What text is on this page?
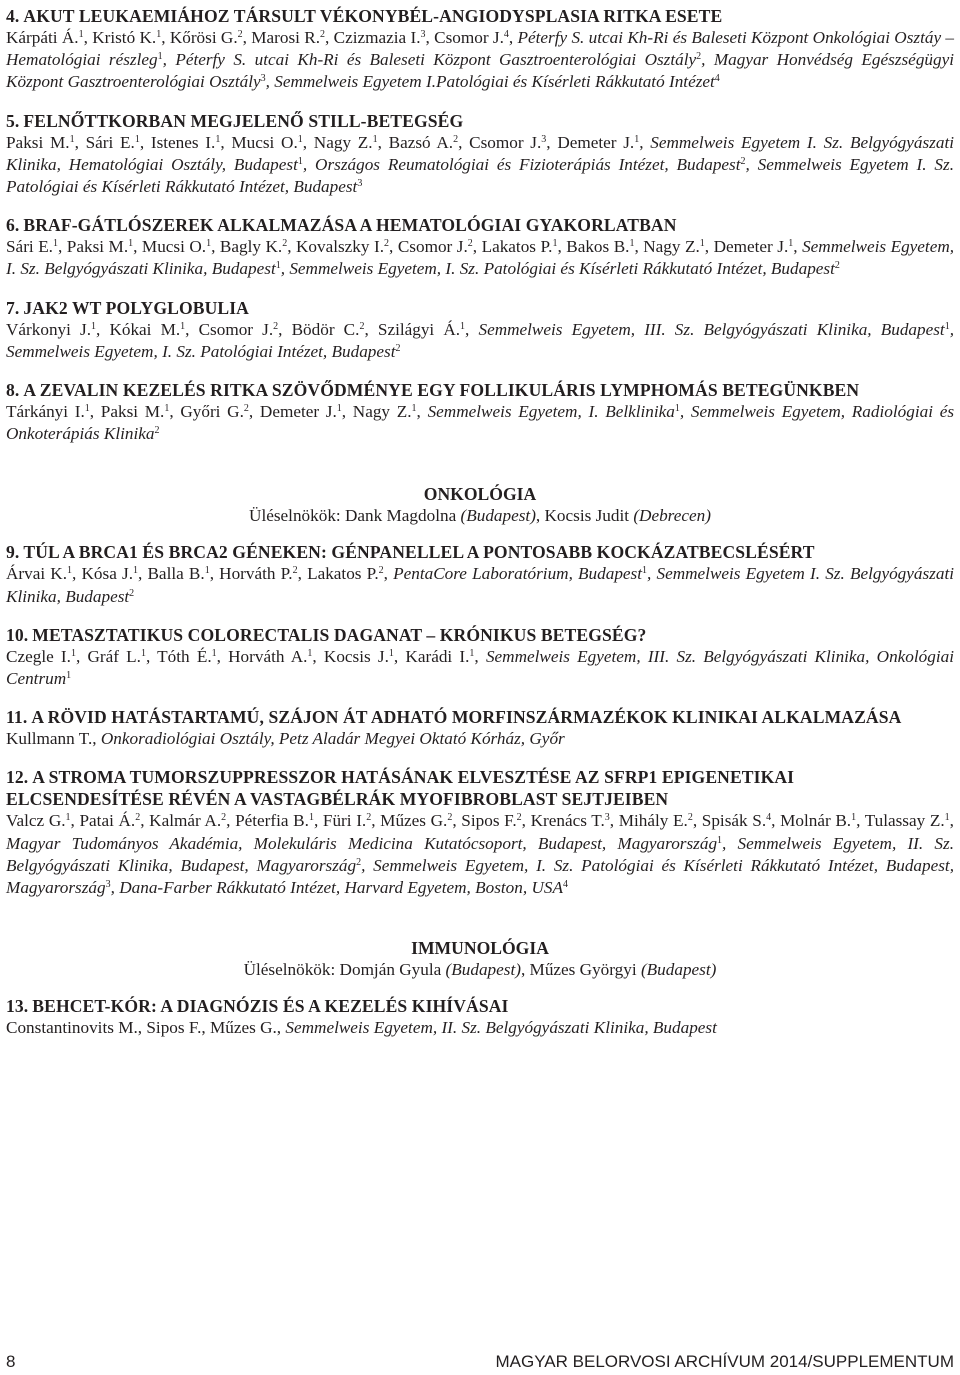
4. AKUT LEUKAEMIÁHOZ TÁRSULT VÉKONYBÉL-ANGIODYSPLASIA RITKA ESETE

Kárpáti Á.$^1$, Kristó K.$^1$, Kőrösi G.$^2$, Marosi R.$^2$, Czizmazia I.$^3$, Csomor J.$^4$, Péterfy S. utcai Kh-Ri és Baleseti Központ Onkológiai Osztáy – Hematológiai részleg$^1$, Péterfy S. utcai Kh-Ri és Baleseti Központ Gasztroenterológiai Osztály$^2$, Magyar Honvédség Egészségügyi Központ Gasztroenterológiai Osztály$^3$, Semmelweis Egyetem I.Patológiai és Kísérleti Rákkutató Intézet$^4$

5. FELNŐTTKORBAN MEGJELENŐ STILL-BETEGSÉG

Paksi M.$^1$, Sári E.$^1$, Istenes I.$^1$, Mucsi O.$^1$, Nagy Z.$^1$, Bazsó A.$^2$, Csomor J.$^3$, Demeter J.$^1$, Semmelweis Egyetem I. Sz. Belgyógyászati Klinika, Hematológiai Osztály, Budapest$^1$, Országos Reumatológiai és Fizioterápiás Intézet, Budapest$^2$, Semmelweis Egyetem I. Sz. Patológiai és Kísérleti Rákkutató Intézet, Budapest$^3$

6. BRAF-GÁTLÓSZEREK ALKALMAZÁSA A HEMATOLÓGIAI GYAKORLATBAN

Sári E.$^1$, Paksi M.$^1$, Mucsi O.$^1$, Bagly K.$^2$, Kovalszky I.$^2$, Csomor J.$^2$, Lakatos P.$^1$, Bakos B.$^1$, Nagy Z.$^1$, Demeter J.$^1$, Semmelweis Egyetem, I. Sz. Belgyógyászati Klinika, Budapest$^1$, Semmelweis Egyetem, I. Sz. Patológiai és Kísérleti Rákkutató Intézet, Budapest$^2$

7. JAK2 WT POLYGLOBULIA

Várkonyi J.$^1$, Kókai M.$^1$, Csomor J.$^2$, Bödör C.$^2$, Szilágyi Á.$^1$, Semmelweis Egyetem, III. Sz. Belgyógyászati Klinika, Budapest$^1$, Semmelweis Egyetem, I. Sz. Patológiai Intézet, Budapest$^2$

8. A ZEVALIN KEZELÉS RITKA SZÖVŐDMÉNYE EGY FOLLIKULÁRIS LYMPHOMÁS BETEGÜNKBEN

Tárkányi I.$^1$, Paksi M.$^1$, Győri G.$^2$, Demeter J.$^1$, Nagy Z.$^1$, Semmelweis Egyetem, I. Belklinika$^1$, Semmelweis Egyetem, Radiológiai és Onkoterápiás Klinika$^2$

ONKOLÓGIA
Üléselnökök: Dank Magdolna (Budapest), Kocsis Judit (Debrecen)

9. TÚL A BRCA1 ÉS BRCA2 GÉNEKEN: GÉNPANELLEL A PONTOSABB KOCKÁZATBECSLÉSÉRT

Árvai K.$^1$, Kósa J.$^1$, Balla B.$^1$, Horváth P.$^2$, Lakatos P.$^2$, PentaCore Laboratórium, Budapest$^1$, Semmelweis Egyetem I. Sz. Belgyógyászati Klinika, Budapest$^2$

10. METASZTATIKUS COLORECTALIS DAGANAT – KRÓNIKUS BETEGSÉG?

Czegle I.$^1$, Gráf L.$^1$, Tóth É.$^1$, Horváth A.$^1$, Kocsis J.$^1$, Karádi I.$^1$, Semmelweis Egyetem, III. Sz. Belgyógyászati Klinika, Onkológiai Centrum$^1$

11. A RÖVID HATÁSTARTAMÚ, SZÁJON ÁT ADHATÓ MORFINSZÁRMAZÉKOK KLINIKAI ALKALMAZÁSA

Kullmann T., Onkoradiológiai Osztály, Petz Aladár Megyei Oktató Kórház, Győr

12. A STROMA TUMORSZUPPRESSZOR HATÁSÁNAK ELVESZTÉSE AZ SFRP1 EPIGENETIKAI ELCSENDESÍTÉSE RÉVÉN A VASTAGBÉLRÁK MYOFIBROBLAST SEJTJEIBEN

Valcz G.$^1$, Patai Á.$^2$, Kalmár A.$^2$, Péterfia B.$^1$, Füri I.$^2$, Műzes G.$^2$, Sipos F.$^2$, Krenács T.$^3$, Mihály E.$^2$, Spisák S.$^4$, Molnár B.$^1$, Tulassay Z.$^1$, Magyar Tudományos Akadémia, Molekuláris Medicina Kutatócsoport, Budapest, Magyarország$^1$, Semmelweis Egyetem, II. Sz. Belgyógyászati Klinika, Budapest, Magyarország$^2$, Semmelweis Egyetem, I. Sz. Patológiai és Kísérleti Rákkutató Intézet, Budapest, Magyarország$^3$, Dana-Farber Rákkutató Intézet, Harvard Egyetem, Boston, USA$^4$

IMMUNOLÓGIA
Üléselnökök: Domján Gyula (Budapest), Műzes Györgyi (Budapest)

13. BEHCET-KÓR: A DIAGNÓZIS ÉS A KEZELÉS KIHÍVÁSAI

Constantinovits M., Sipos F., Műzes G., Semmelweis Egyetem, II. Sz. Belgyógyászati Klinika, Budapest

8	MAGYAR BELORVOSI ARCHÍVUM 2014/SUPPLEMENTUM
